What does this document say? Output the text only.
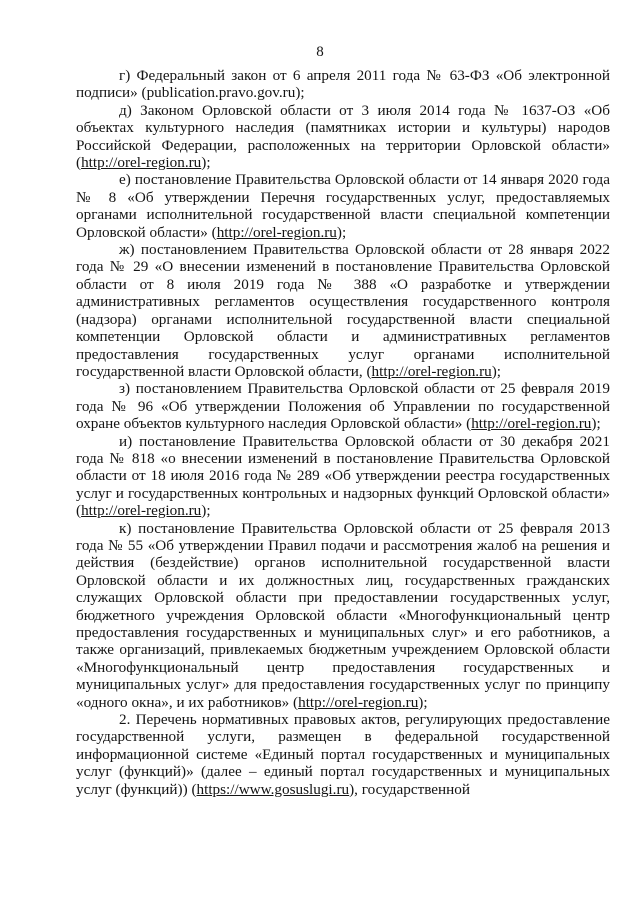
8

г) Федеральный закон от 6 апреля 2011 года № 63-ФЗ «Об электронной подписи» (publication.pravo.gov.ru);

д) Законом Орловской области от 3 июля 2014 года № 1637-ОЗ «Об объектах культурного наследия (памятниках истории и культуры) народов Российской Федерации, расположенных на территории Орловской области» (http://orel-region.ru);

е) постановление Правительства Орловской области от 14 января 2020 года № 8 «Об утверждении Перечня государственных услуг, предоставляемых органами исполнительной государственной власти специальной компетенции Орловской области» (http://orel-region.ru);

ж) постановлением Правительства Орловской области от 28 января 2022 года № 29 «О внесении изменений в постановление Правительства Орловской области от 8 июля 2019 года № 388 «О разработке и утверждении административных регламентов осуществления государственного контроля (надзора) органами исполнительной государственной власти специальной компетенции Орловской области и административных регламентов предоставления государственных услуг органами исполнительной государственной власти Орловской области, (http://orel-region.ru);

з) постановлением Правительства Орловской области от 25 февраля 2019 года № 96 «Об утверждении Положения об Управлении по государственной охране объектов культурного наследия Орловской области» (http://orel-region.ru);

и) постановление Правительства Орловской области от 30 декабря 2021 года № 818 «о внесении изменений в постановление Правительства Орловской области от 18 июля 2016 года № 289 «Об утверждении реестра государственных услуг и государственных контрольных и надзорных функций Орловской области» (http://orel-region.ru);

к) постановление Правительства Орловской области от 25 февраля 2013 года № 55 «Об утверждении Правил подачи и рассмотрения жалоб на решения и действия (бездействие) органов исполнительной государственной власти Орловской области и их должностных лиц, государственных гражданских служащих Орловской области при предоставлении государственных услуг, бюджетного учреждения Орловской области «Многофункциональный центр предоставления государственных и муниципальных слуг» и его работников, а также организаций, привлекаемых бюджетным учреждением Орловской области «Многофункциональный центр предоставления государственных и муниципальных услуг» для предоставления государственных услуг по принципу «одного окна», и их работников» (http://orel-region.ru);

2. Перечень нормативных правовых актов, регулирующих предоставление государственной услуги, размещен в федеральной государственной информационной системе «Единый портал государственных и муниципальных услуг (функций)» (далее – единый портал государственных и муниципальных услуг (функций)) (https://www.gosuslugi.ru), государственной
